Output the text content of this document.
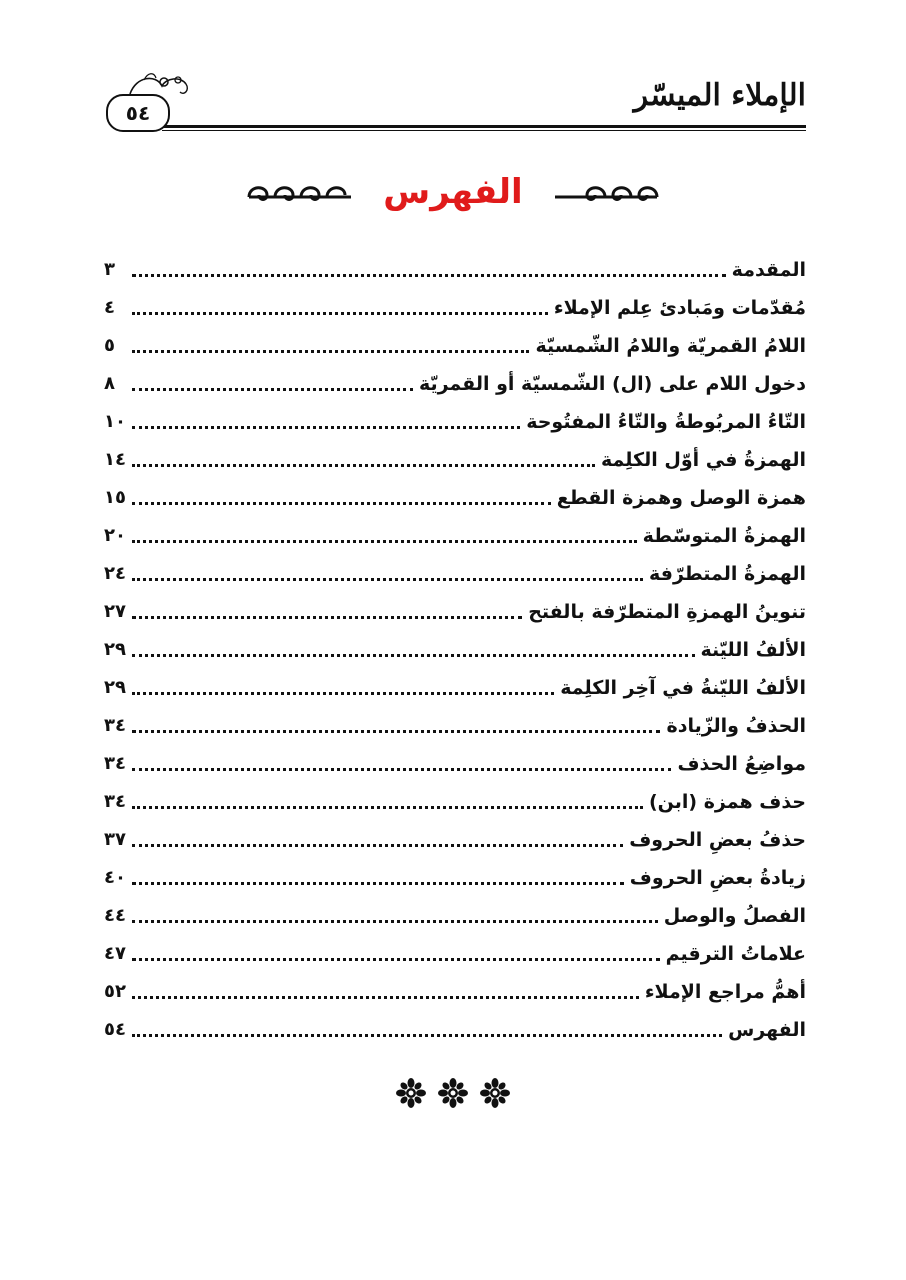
الإملاء الميسّر
٥٤
الفهرس
المقدمة
٣
مُقدّمات ومَبادئ عِلم الإملاء
٤
اللامُ القمريّة واللامُ الشّمسيّة
٥
دخول اللام على (ال) الشّمسيّة أو القمريّة
٨
التّاءُ المربُوطةُ والتّاءُ المفتُوحة
١٠
الهمزةُ في أوّل الكلِمة
١٤
همزة الوصل وهمزة القطع
١٥
الهمزةُ المتوسّطة
٢٠
الهمزةُ المتطرّفة
٢٤
تنوينُ الهمزةِ المتطرّفة بالفتح
٢٧
الألفُ الليّنة
٢٩
الألفُ الليّنةُ في آخِر الكلِمة
٢٩
الحذفُ والزّيادة
٣٤
مواضِعُ الحذف
٣٤
حذف همزة (ابن)
٣٤
حذفُ بعضِ الحروف
٣٧
زيادةُ بعضِ الحروف
٤٠
الفصلُ والوصل
٤٤
علاماتُ الترقيم
٤٧
أهمُّ مراجع الإملاء
٥٢
الفهرس
٥٤
